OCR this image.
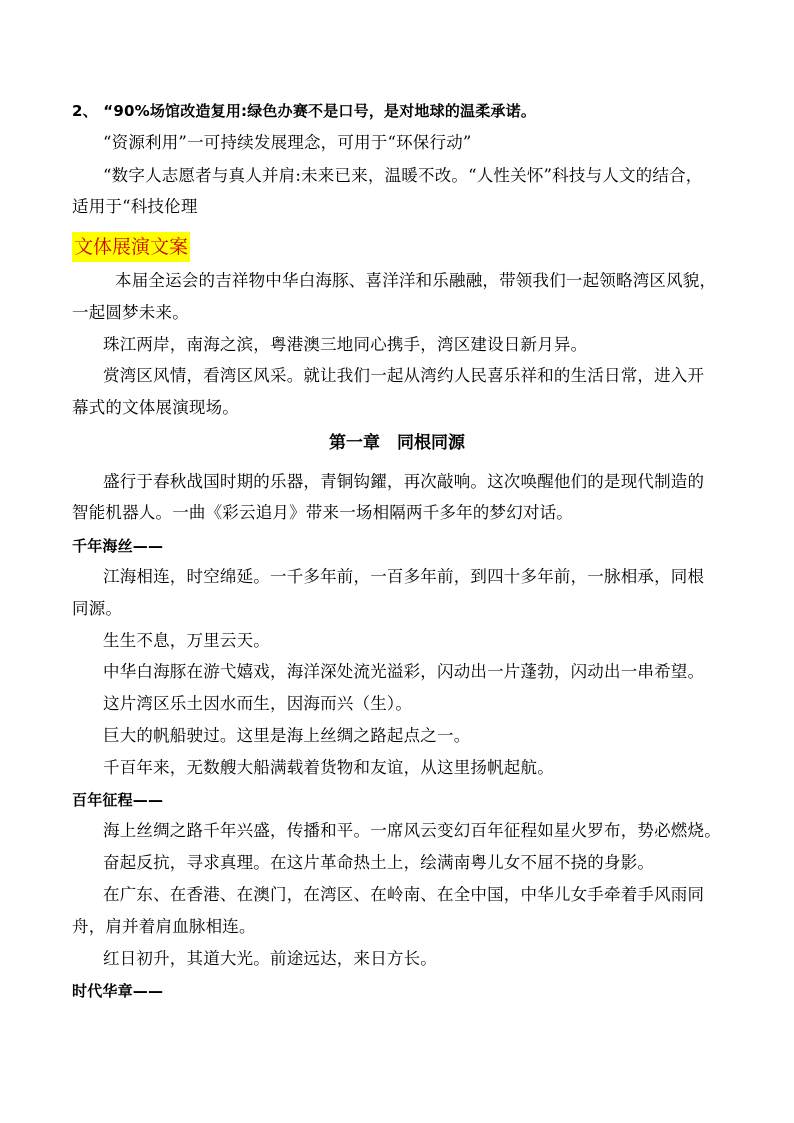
2、 “90%场馆改造复用:绿色办赛不是口号，是对地球的温柔承诺。
“资源利用”一可持续发展理念，可用于“环保行动”
“数字人志愿者与真人并肩:未来已来，温暖不改。“人性关怀”科技与人文的结合，
适用于“科技伦理
文体展演文案
本届全运会的吉祥物中华白海豚、喜洋洋和乐融融，带领我们一起领略湾区风貌，
一起圆梦未来。
珠江两岸，南海之滨，粤港澳三地同心携手，湾区建设日新月异。
赏湾区风情，看湾区风采。就让我们一起从湾约人民喜乐祥和的生活日常，进入开
幕式的文体展演现场。
第一章　同根同源
盛行于春秋战国时期的乐器，青铜钩鑃，再次敲响。这次唤醒他们的是现代制造的
智能机器人。一曲《彩云追月》带来一场相隔两千多年的梦幻对话。
千年海丝——
江海相连，时空绵延。一千多年前，一百多年前，到四十多年前，一脉相承，同根
同源。
生生不息，万里云天。
中华白海豚在游弋嬉戏，海洋深处流光溢彩，闪动出一片蓬勃，闪动出一串希望。
这片湾区乐土因水而生，因海而兴（生）。
巨大的帆船驶过。这里是海上丝绸之路起点之一。
千百年来，无数艘大船满载着货物和友谊，从这里扬帆起航。
百年征程——
海上丝绸之路千年兴盛，传播和平。一席风云变幻百年征程如星火罗布，势必燃烧。
奋起反抗，寻求真理。在这片革命热土上，绘满南粤儿女不屈不挠的身影。
在广东、在香港、在澳门，在湾区、在岭南、在全中国，中华儿女手牵着手风雨同
舟，肩并着肩血脉相连。
红日初升，其道大光。前途远达，来日方长。
时代华章——
